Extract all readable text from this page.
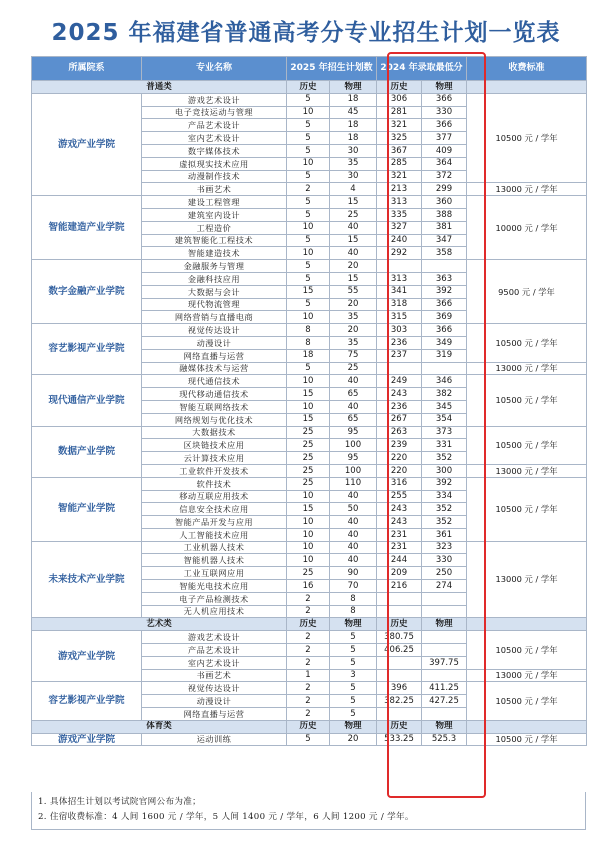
2025 年福建省普通高考分专业招生计划一览表
所属院系	专业名称	2025 年招生计划数		2024 年录取最低分		收费标准
普通类		历史	物理	历史	物理	
游戏产业学院	游戏艺术设计	5	18	306	366	10500 元 / 学年
	电子竞技运动与管理	10	45	281	330	
	产品艺术设计	5	18	321	366	
	室内艺术设计	5	18	325	377	
	数字媒体技术	5	30	367	409	
	虚拟现实技术应用	10	35	285	364	
	动漫制作技术	5	30	321	372	
	书画艺术	2	4	213	299	13000 元 / 学年
智能建造产业学院	建设工程管理	5	15	313	360	10000 元 / 学年
	建筑室内设计	5	25	335	388	
	工程造价	10	40	327	381	
	建筑智能化工程技术	5	15	240	347	
	智能建造技术	10	40	292	358	
数字金融产业学院	金融服务与管理	5	20			9500 元 / 学年
	金融科技应用	5	15	313	363	
	大数据与会计	15	55	341	392	
	现代物流管理	5	20	318	366	
	网络营销与直播电商	10	35	315	369	
容艺影视产业学院	视觉传达设计	8	20	303	366	10500 元 / 学年
	动漫设计	8	35	236	349	
	网络直播与运营	18	75	237	319	
	融媒体技术与运营	5	25			13000 元 / 学年
现代通信产业学院	现代通信技术	10	40	249	346	10500 元 / 学年
	现代移动通信技术	15	65	243	382	
	智能互联网络技术	10	40	236	345	
	网络规划与优化技术	15	65	267	354	
数据产业学院	大数据技术	25	95	263	373	10500 元 / 学年
	区块链技术应用	25	100	239	331	
	云计算技术应用	25	95	220	352	
	工业软件开发技术	25	100	220	300	13000 元 / 学年
智能产业学院	软件技术	25	110	316	392	10500 元 / 学年
	移动互联应用技术	10	40	255	334	
	信息安全技术应用	15	50	243	352	
	智能产品开发与应用	10	40	243	352	
	人工智能技术应用	10	40	231	361	
未来技术产业学院	工业机器人技术	10	40	231	323	13000 元 / 学年
	智能机器人技术	10	40	244	330	
	工业互联网应用	25	90	209	250	
	智能光电技术应用	16	70	216	274	
	电子产品检测技术	2	8			
	无人机应用技术	2	8			
艺术类		历史	物理	历史	物理	
游戏产业学院	游戏艺术设计	2	5	380.75		10500 元 / 学年
	产品艺术设计	2	5	406.25		
	室内艺术设计	2	5		397.75	
	书画艺术	1	3			13000 元 / 学年
容艺影视产业学院	视觉传达设计	2	5	396	411.25	10500 元 / 学年
	动漫设计	2	5	382.25	427.25	
	网络直播与运营	2	5			
体育类		历史	物理	历史	物理	
游戏产业学院	运动训练	5	20	533.25	525.3	10500 元 / 学年
1. 具体招生计划以考试院官网公布为准；
2. 住宿收费标准：4 人间 1600 元 / 学年，5 人间 1400 元 / 学年，6 人间 1200 元 / 学年。
